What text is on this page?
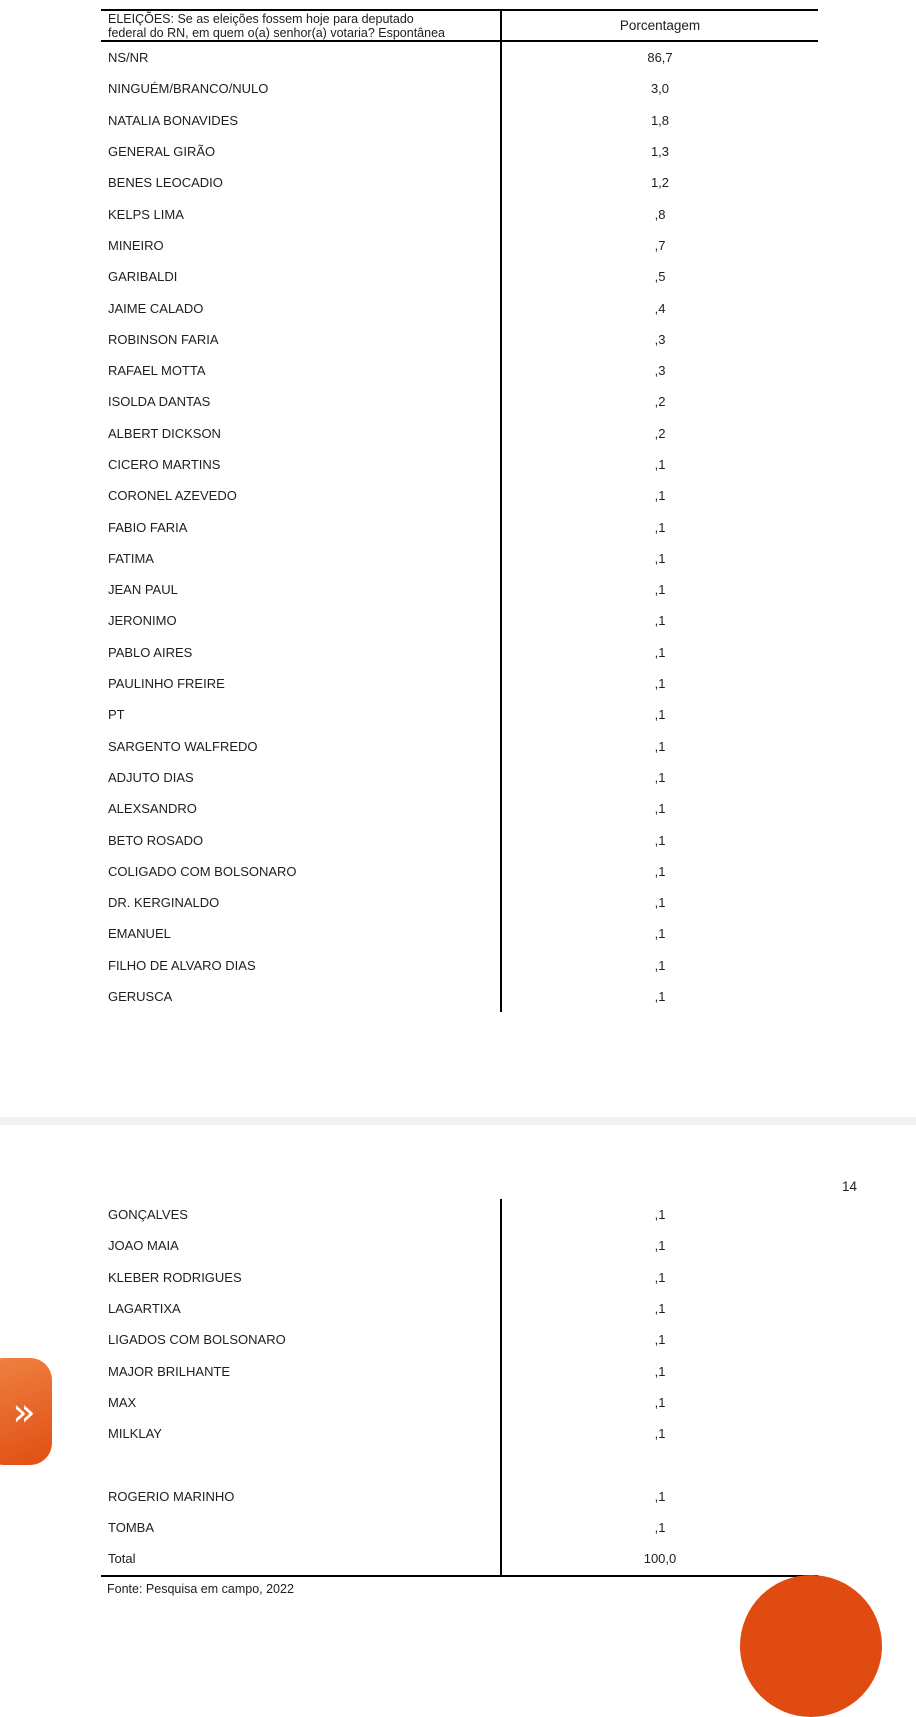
ELEIÇÕES: Se as eleições fossem hoje para deputado
federal do RN, em quem o(a) senhor(a) votaria? Espontânea	Porcentagem
NS/NR	86,7
NINGUÉM/BRANCO/NULO	3,0
NATALIA BONAVIDES	1,8
GENERAL GIRÃO	1,3
BENES LEOCADIO	1,2
KELPS LIMA	,8
MINEIRO	,7
GARIBALDI	,5
JAIME CALADO	,4
ROBINSON FARIA	,3
RAFAEL MOTTA	,3
ISOLDA DANTAS	,2
ALBERT DICKSON	,2
CICERO MARTINS	,1
CORONEL AZEVEDO	,1
FABIO FARIA	,1
FATIMA	,1
JEAN PAUL	,1
JERONIMO	,1
PABLO AIRES	,1
PAULINHO FREIRE	,1
PT	,1
SARGENTO WALFREDO	,1
ADJUTO DIAS	,1
ALEXSANDRO	,1
BETO ROSADO	,1
COLIGADO COM BOLSONARO	,1
DR. KERGINALDO	,1
EMANUEL	,1
FILHO DE ALVARO DIAS	,1
GERUSCA	,1
14
GONÇALVES	,1
JOAO MAIA	,1
KLEBER RODRIGUES	,1
LAGARTIXA	,1
LIGADOS COM BOLSONARO	,1
MAJOR BRILHANTE	,1
MAX	,1
MILKLAY	,1
ROGERIO MARINHO	,1
TOMBA	,1
Total	100,0
Fonte: Pesquisa em campo, 2022
»
